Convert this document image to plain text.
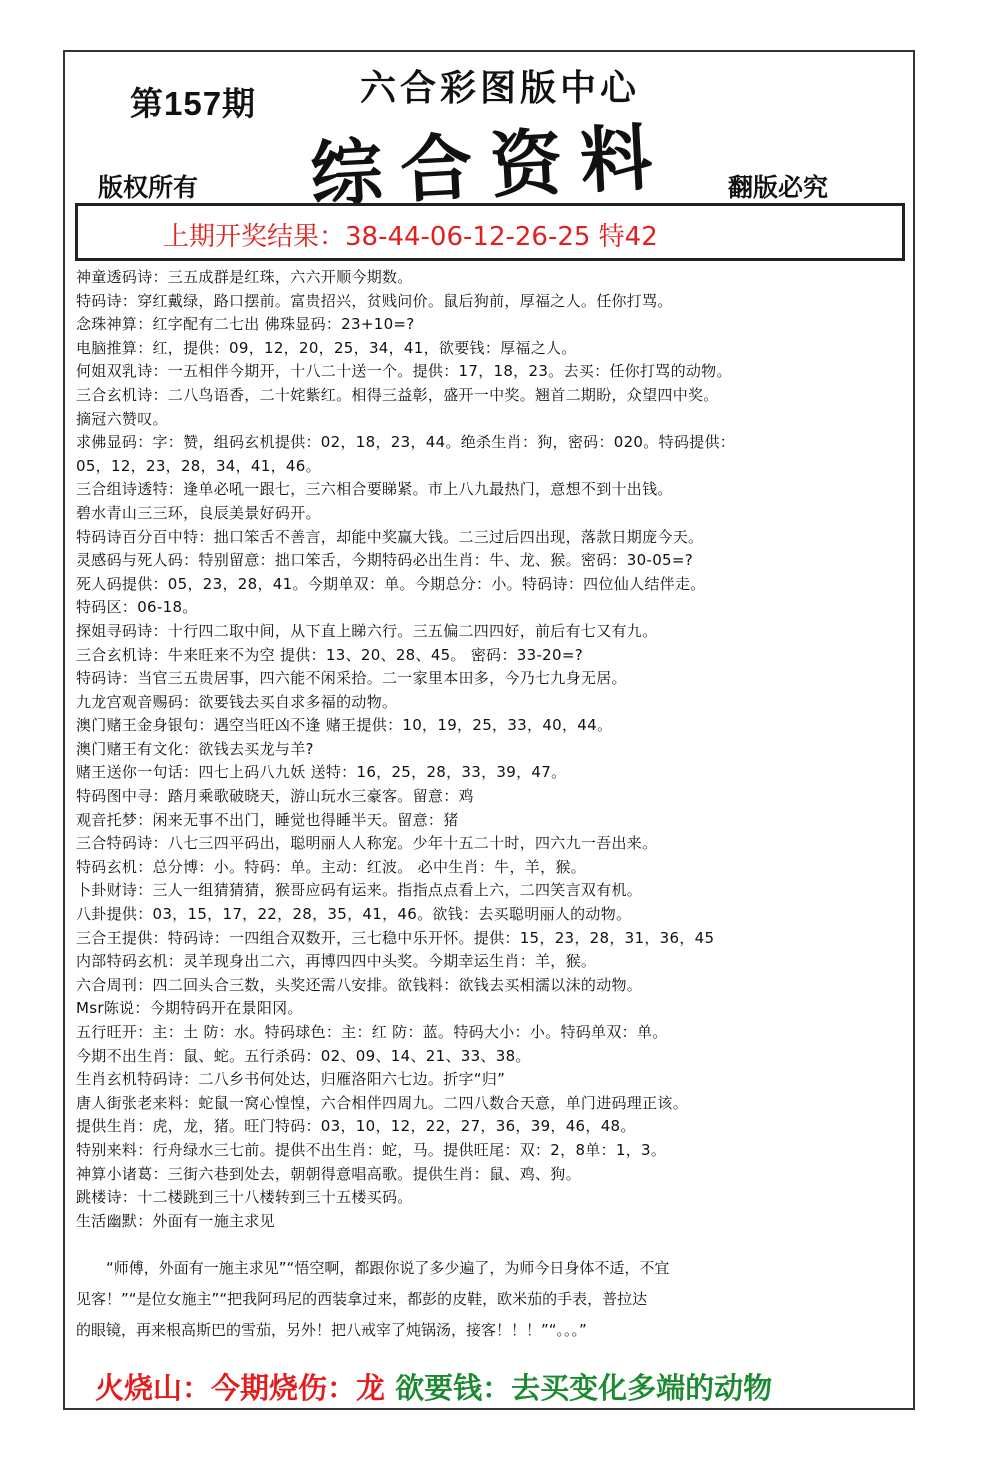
第157期	六合彩图版中心
综合资料
版权所有	翻版必究
上期开奖结果：38-44-06-12-26-25 特42
神童透码诗：三五成群是红珠，六六开顺今期数。
特码诗：穿红戴绿，路口摆前。富贵招兴，贫贱问价。鼠后狗前，厚福之人。任你打骂。
念珠神算：红字配有二七出 佛珠显码：23+10=?
电脑推算：红，提供：09，12，20，25，34，41，欲要钱：厚福之人。
何姐双乳诗：一五相伴今期开，十八二十送一个。提供：17，18，23。去买：任你打骂的动物。
三合玄机诗：二八鸟语香，二十姹紫红。相得三益彰，盛开一中奖。翘首二期盼，众望四中奖。
摘冠六赞叹。
求佛显码：字：赞，组码玄机提供：02，18，23，44。绝杀生肖：狗，密码：020。特码提供：
05，12，23，28，34，41，46。
三合组诗透特：逢单必吼一跟七，三六相合要睇紧。市上八九最热门，意想不到十出钱。
碧水青山三三环，良辰美景好码开。
特码诗百分百中特：拙口笨舌不善言，却能中奖赢大钱。二三过后四出现，落款日期庞今天。
灵感码与死人码：特别留意：拙口笨舌，今期特码必出生肖：牛、龙、猴。密码：30-05=?
死人码提供：05，23，28，41。今期单双：单。今期总分：小。特码诗：四位仙人结伴走。
特码区：06-18。
探姐寻码诗：十行四二取中间，从下直上睇六行。三五偏二四四好，前后有七又有九。
三合玄机诗：牛来旺来不为空 提供：13、20、28、45。 密码：33-20=?
特码诗：当官三五贵居事，四六能不闲采拾。二一家里本田多，今乃七九身无居。
九龙宫观音赐码：欲要钱去买自求多福的动物。
澳门赌王金身银句：遇空当旺凶不逢 赌王提供：10，19，25，33，40，44。
澳门赌王有文化：欲钱去买龙与羊?
赌王送你一句话：四七上码八九妖 送特：16，25，28，33，39，47。
特码图中寻：踏月乘歌破晓天，游山玩水三豪客。留意：鸡
观音托梦：闲来无事不出门，睡觉也得睡半天。留意：猪
三合特码诗：八七三四平码出，聪明丽人人称宠。少年十五二十时，四六九一吾出来。
特码玄机：总分博：小。特码：单。主动：红波。 必中生肖：牛，羊，猴。
卜卦财诗：三人一组猜猜猜，猴哥应码有运来。指指点点看上六，二四笑言双有机。
八卦提供：03，15，17，22，28，35，41，46。欲钱：去买聪明丽人的动物。
三合王提供：特码诗：一四组合双数开，三七稳中乐开怀。提供：15，23，28，31，36，45
内部特码玄机：灵羊现身出二六，再博四四中头奖。今期幸运生肖：羊，猴。
六合周刊：四二回头合三数，头奖还需八安排。欲钱料：欲钱去买相濡以沫的动物。
Msr陈说：今期特码开在景阳冈。
五行旺开：主：土 防：水。特码球色：主：红 防：蓝。特码大小：小。特码单双：单。
今期不出生肖：鼠、蛇。五行杀码：02、09、14、21、33、38。
生肖玄机特码诗：二八乡书何处达，归雁洛阳六七边。折字“归”
唐人街张老来料：蛇鼠一窝心惶惶，六合相伴四周九。二四八数合天意，单门进码理正该。
提供生肖：虎，龙，猪。旺门特码：03，10，12，22，27，36，39，46，48。
特别来料：行舟绿水三七前。提供不出生肖：蛇，马。提供旺尾：双：2，8单：1，3。
神算小诸葛：三街六巷到处去，朝朝得意唱高歌。提供生肖：鼠、鸡、狗。
跳楼诗：十二楼跳到三十八楼转到三十五楼买码。
生活幽默：外面有一施主求见
　　“师傅，外面有一施主求见”“悟空啊，都跟你说了多少遍了，为师今日身体不适，不宜
见客！”“是位女施主”“把我阿玛尼的西装拿过来，都彭的皮鞋，欧米茄的手表，普拉达
的眼镜，再来根高斯巴的雪茄，另外！把八戒宰了炖锅汤，接客！！！”“。。。”
火烧山：今期烧伤：龙 欲要钱：去买变化多端的动物
